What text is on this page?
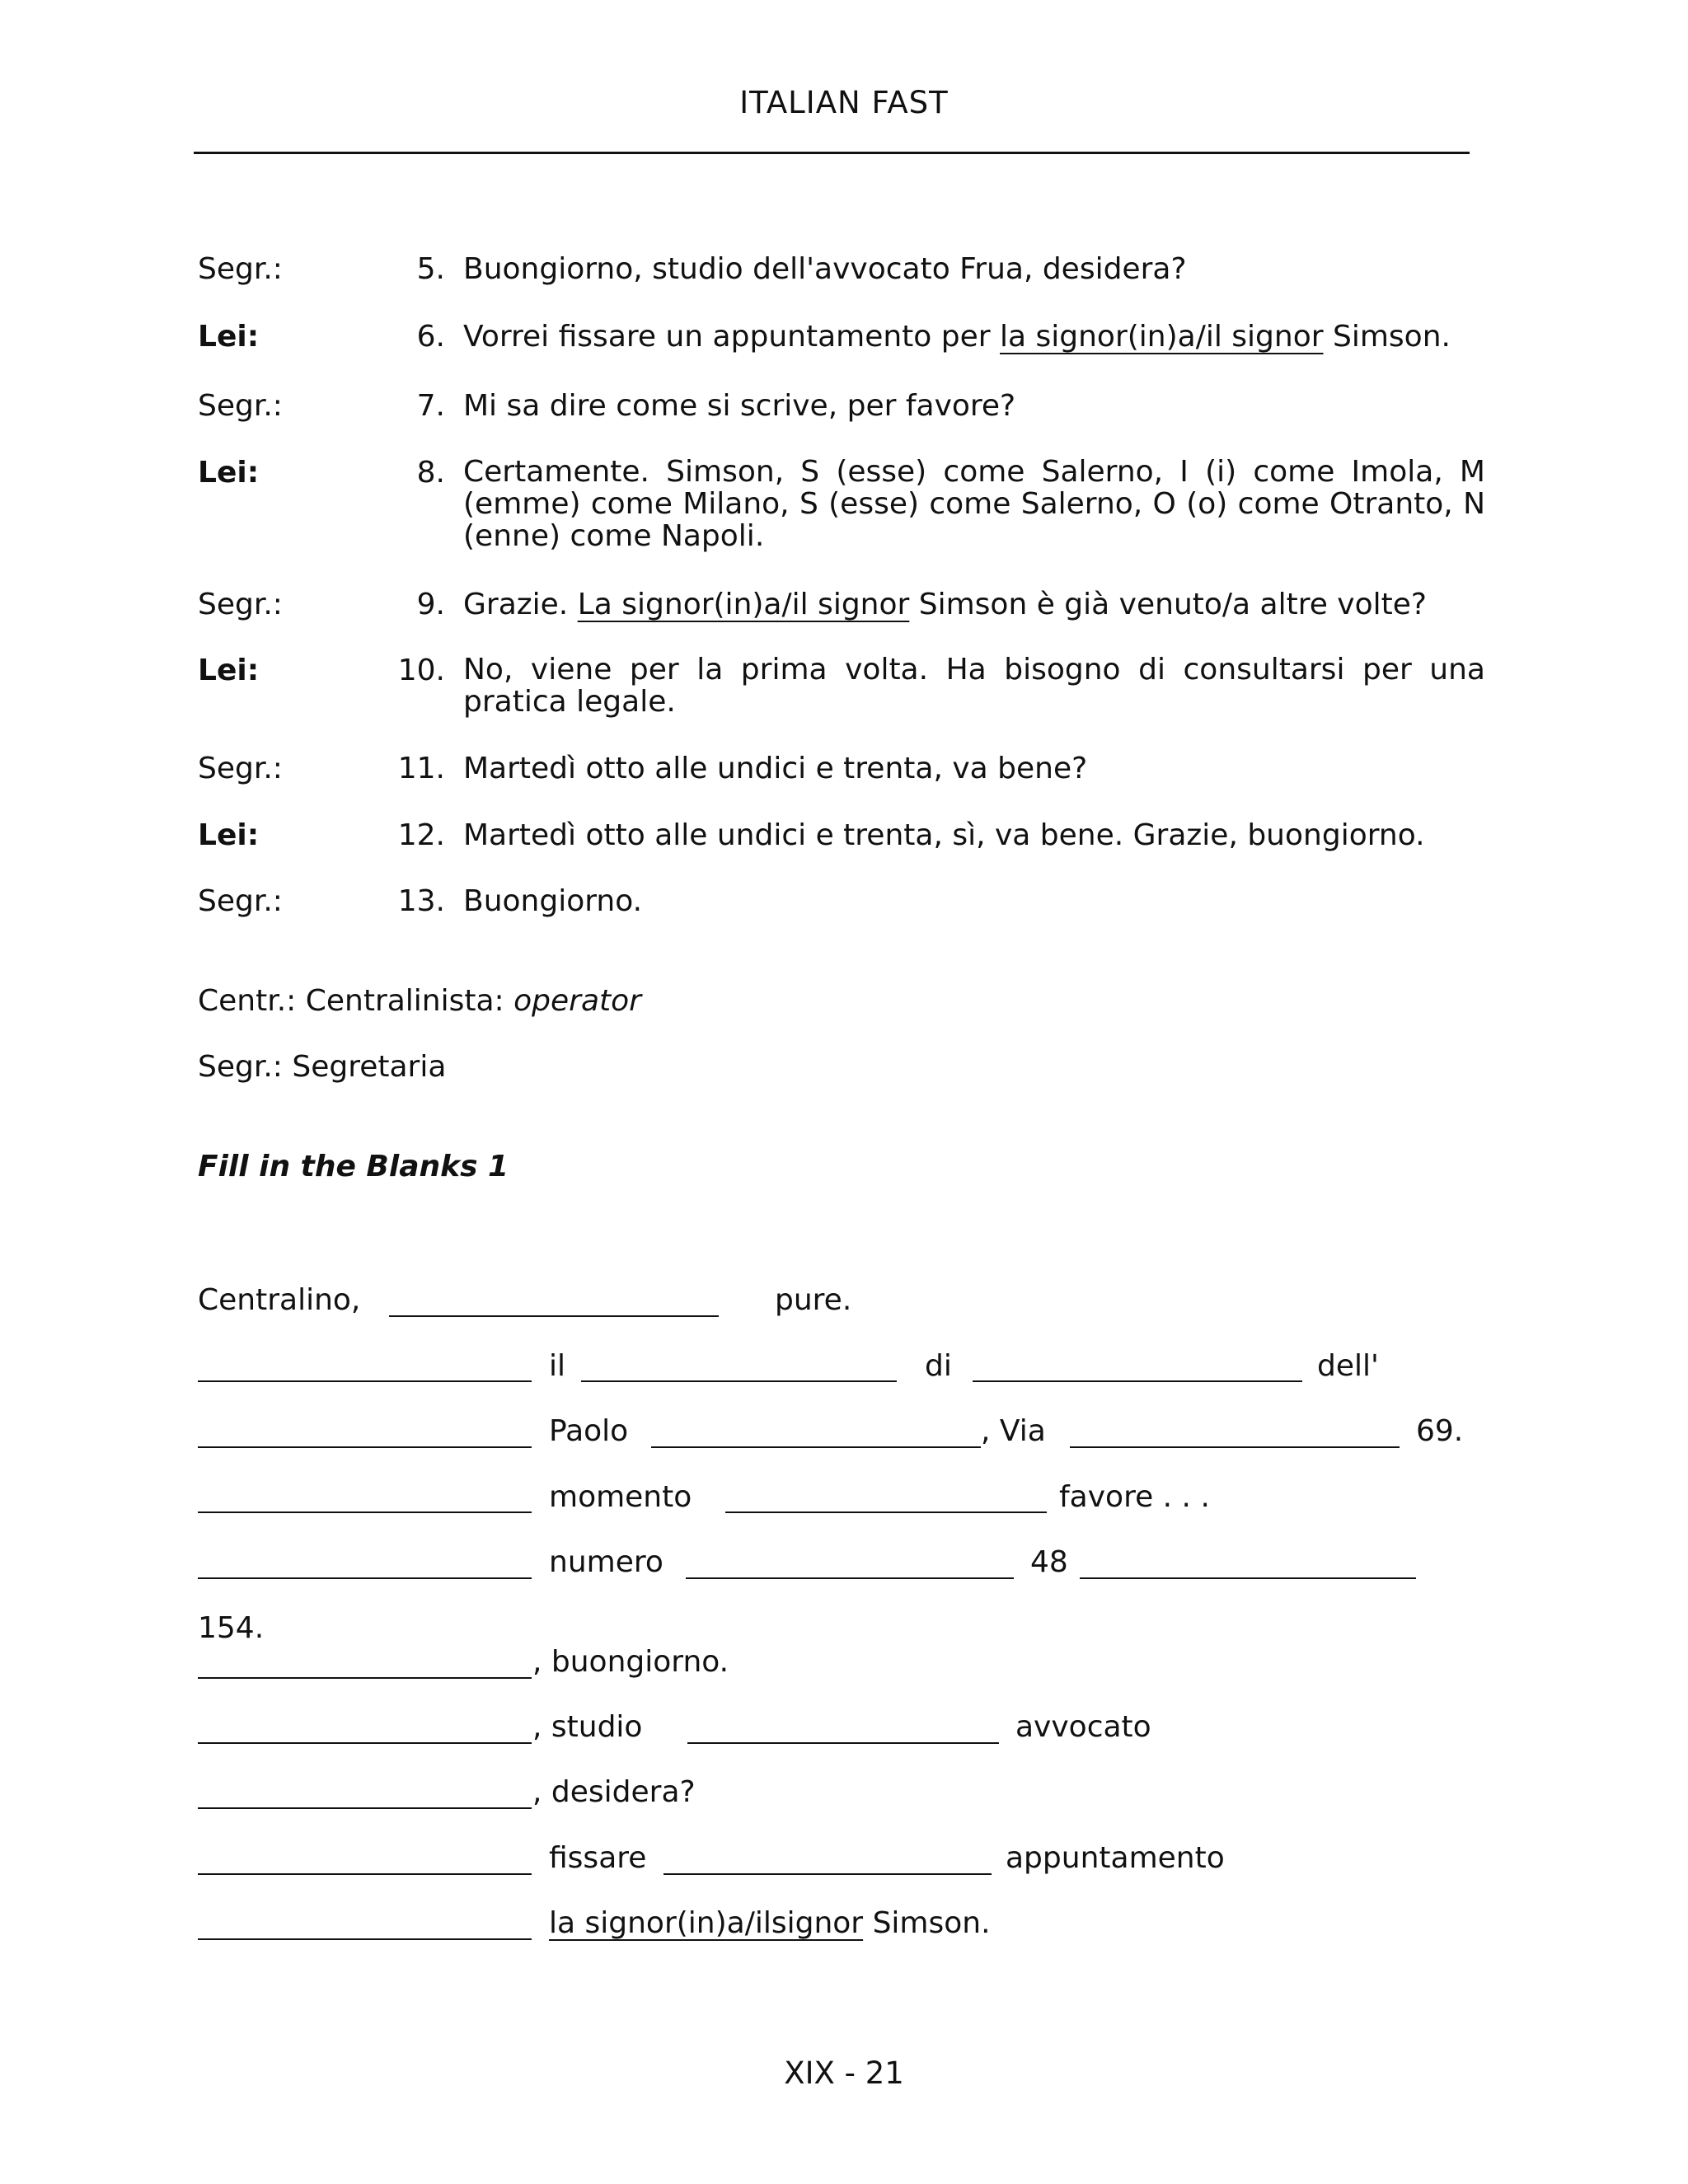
ITALIAN FAST
Segr.:	5. Buongiorno, studio dell'avvocato Frua, desidera?
Lei:	6. Vorrei fissare un appuntamento per la signor(in)a/il signor Simson.
Segr.:	7. Mi sa dire come si scrive, per favore?
Lei:	8. Certamente. Simson, S (esse) come Salerno, I (i) come Imola, M (emme) come Milano, S (esse) come Salerno, O (o) come Otranto, N (enne) come Napoli.
Segr.:	9. Grazie. La signor(in)a/il signor Simson è già venuto/a altre volte?
Lei:	10. No, viene per la prima volta. Ha bisogno di consultarsi per una pratica legale.
Segr.:	11. Martedì otto alle undici e trenta, va bene?
Lei:	12. Martedì otto alle undici e trenta, sì, va bene. Grazie, buongiorno.
Segr.:	13. Buongiorno.
Centr.: Centralinista: operator
Segr.: Segretaria
Fill in the Blanks 1
Centralino,	pure.
il	di	dell'
Paolo	, Via	69.
momento	favore . . .
numero	48
154.
, buongiorno.
, studio	avvocato
, desidera?
fissare	appuntamento
la signor(in)a/ilsignor Simson.
XIX - 21
